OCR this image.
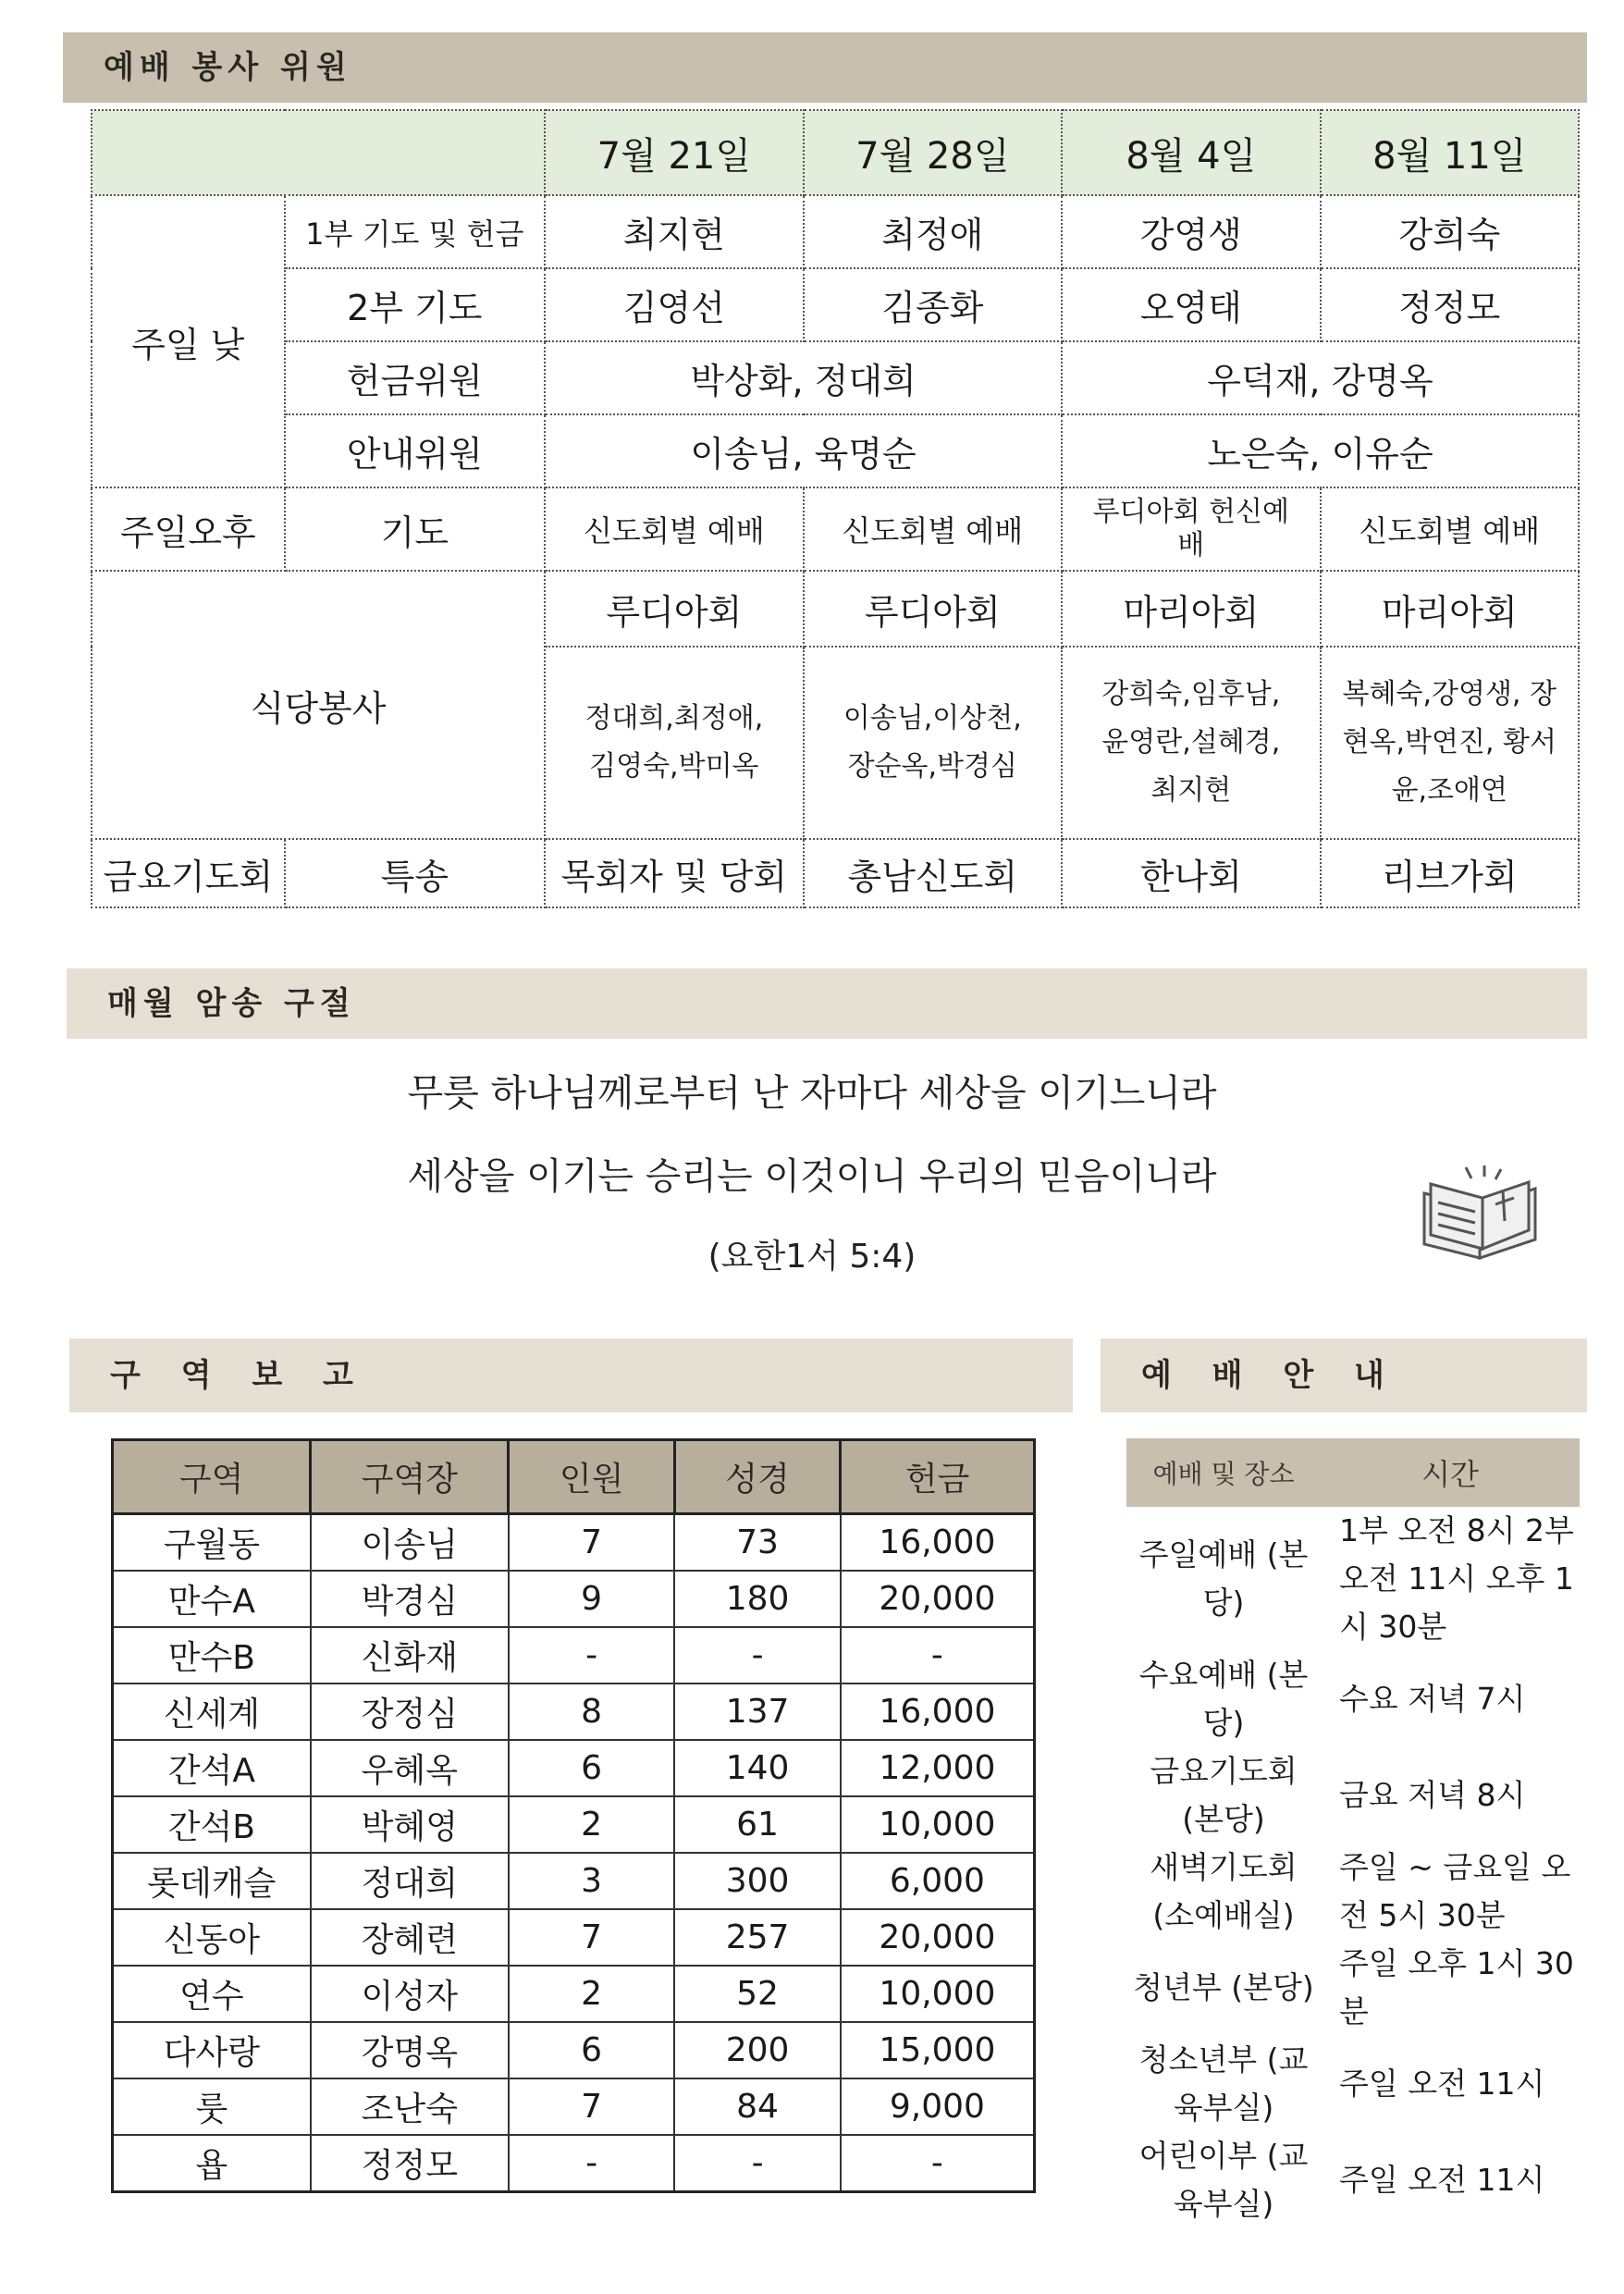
예배 봉사 위원
		7월 21일	7월 28일	8월 4일	8월 11일
주일 낮	1부 기도 및 헌금	최지현	최정애	강영생	강희숙
	2부 기도	김영선	김종화	오영태	정정모
	헌금위원	박상화, 정대희		우덕재, 강명옥	
	안내위원	이송님, 육명순		노은숙, 이유순	
주일오후	기도	신도회별 예배	신도회별 예배	루디아회 헌신예배	신도회별 예배
식당봉사		루디아회	루디아회	마리아회	마리아회
		정대희,최정애, 김영숙,박미옥	이송님,이상천, 장순옥,박경심	강희숙,임후남, 윤영란,설혜경, 최지현	복혜숙,강영생, 장현옥,박연진, 황서윤,조애연
금요기도회	특송	목회자 및 당회	총남신도회	한나회	리브가회
매월 암송 구절
무릇 하나님께로부터 난 자마다 세상을 이기느니라
세상을 이기는 승리는 이것이니 우리의 믿음이니라
(요한1서 5:4)
구 역 보 고	예 배 안 내
구역	구역장	인원	성경	헌금
구월동	이송님	7	73	16,000
만수A	박경심	9	180	20,000
만수B	신화재	-	-	-
신세계	장정심	8	137	16,000
간석A	우혜옥	6	140	12,000
간석B	박혜영	2	61	10,000
롯데캐슬	정대희	3	300	6,000
신동아	장혜련	7	257	20,000
연수	이성자	2	52	10,000
다사랑	강명옥	6	200	15,000
룻	조난숙	7	84	9,000
욥	정정모	-	-	-
예배 및 장소	시간
주일예배 (본당)	1부 오전 8시 2부 오전 11시 오후 1시 30분
수요예배 (본당)	수요 저녁 7시
금요기도회 (본당)	금요 저녁 8시
새벽기도회 (소예배실)	주일 ~ 금요일 오전 5시 30분
청년부 (본당)	주일 오후 1시 30분
청소년부 (교육부실)	주일 오전 11시
어린이부 (교육부실)	주일 오전 11시
